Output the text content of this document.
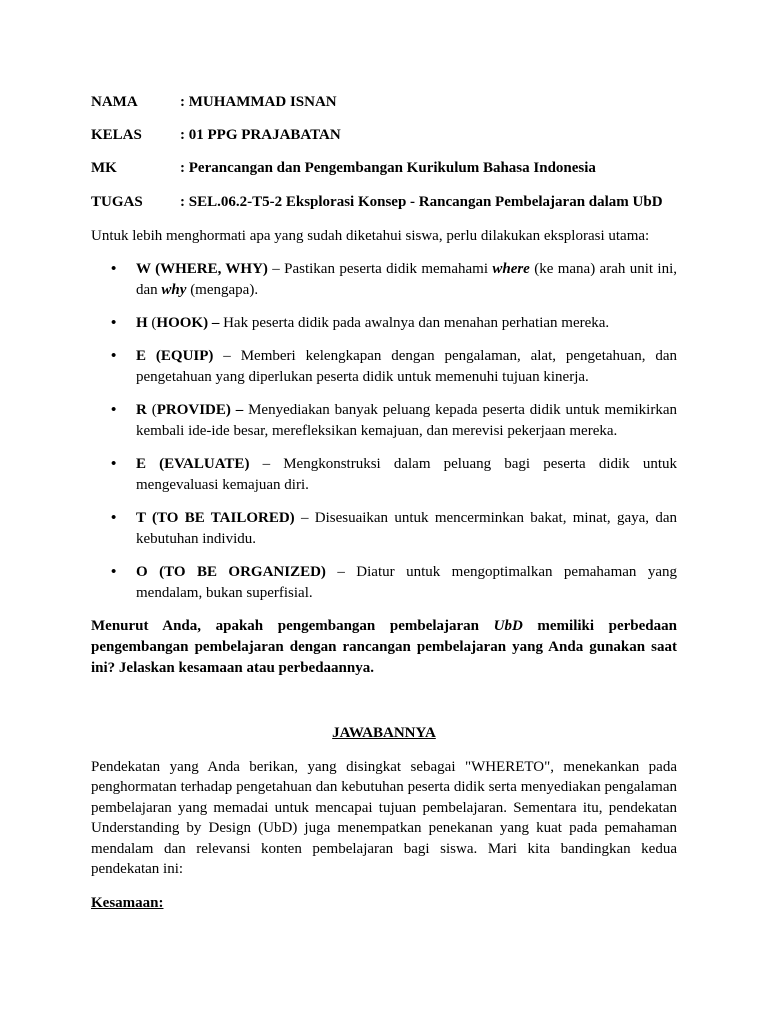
NAMA	: MUHAMMAD ISNAN
KELAS	: 01 PPG PRAJABATAN
MK	: Perancangan dan Pengembangan Kurikulum Bahasa Indonesia
TUGAS : SEL.06.2-T5-2 Eksplorasi Konsep - Rancangan Pembelajaran dalam UbD
Untuk lebih menghormati apa yang sudah diketahui siswa, perlu dilakukan eksplorasi utama:
• W (WHERE, WHY) – Pastikan peserta didik memahami where (ke mana) arah unit ini, dan why (mengapa).
• H (HOOK) – Hak peserta didik pada awalnya dan menahan perhatian mereka.
• E (EQUIP) – Memberi kelengkapan dengan pengalaman, alat, pengetahuan, dan pengetahuan yang diperlukan peserta didik untuk memenuhi tujuan kinerja.
• R (PROVIDE) – Menyediakan banyak peluang kepada peserta didik untuk memikirkan kembali ide-ide besar, merefleksikan kemajuan, dan merevisi pekerjaan mereka.
• E (EVALUATE) – Mengkonstruksi dalam peluang bagi peserta didik untuk mengevaluasi kemajuan diri.
• T (TO BE TAILORED) – Disesuaikan untuk mencerminkan bakat, minat, gaya, dan kebutuhan individu.
• O (TO BE ORGANIZED) – Diatur untuk mengoptimalkan pemahaman yang mendalam, bukan superfisial.
Menurut Anda, apakah pengembangan pembelajaran UbD memiliki perbedaan pengembangan pembelajaran dengan rancangan pembelajaran yang Anda gunakan saat ini? Jelaskan kesamaan atau perbedaannya.
JAWABANNYA
Pendekatan yang Anda berikan, yang disingkat sebagai "WHERETO", menekankan pada penghormatan terhadap pengetahuan dan kebutuhan peserta didik serta menyediakan pengalaman pembelajaran yang memadai untuk mencapai tujuan pembelajaran. Sementara itu, pendekatan Understanding by Design (UbD) juga menempatkan penekanan yang kuat pada pemahaman mendalam dan relevansi konten pembelajaran bagi siswa. Mari kita bandingkan kedua pendekatan ini:
Kesamaan:
